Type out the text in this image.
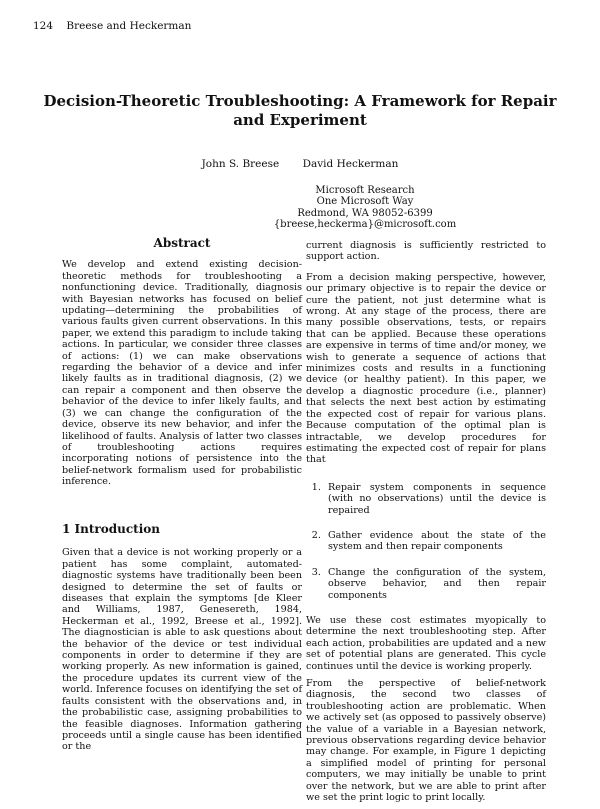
124 Breese and Heckerman
Decision-Theoretic Troubleshooting: A Framework for Repair and Experiment
John S. Breese David Heckerman
Microsoft Research
One Microsoft Way
Redmond, WA 98052-6399
{breese,heckerma}@microsoft.com
Abstract

We develop and extend existing decision-theoretic methods for troubleshooting a nonfunctioning device. Traditionally, diagnosis with Bayesian networks has focused on belief updating—determining the probabilities of various faults given current observations. In this paper, we extend this paradigm to include taking actions. In particular, we consider three classes of actions: (1) we can make observations regarding the behavior of a device and infer likely faults as in traditional diagnosis, (2) we can repair a component and then observe the behavior of the device to infer likely faults, and (3) we can change the configuration of the device, observe its new behavior, and infer the likelihood of faults. Analysis of latter two classes of troubleshooting actions requires incorporating notions of persistence into the belief-network formalism used for probabilistic inference.

1 Introduction

Given that a device is not working properly or a patient has some complaint, automated-diagnostic systems have traditionally been been designed to determine the set of faults or diseases that explain the symptoms [de Kleer and Williams, 1987, Genesereth, 1984, Heckerman et al., 1992, Breese et al., 1992]. The diagnostician is able to ask questions about the behavior of the device or test individual components in order to determine if they are working properly. As new information is gained, the procedure updates its current view of the world. Inference focuses on identifying the set of faults consistent with the observations and, in the probabilistic case, assigning probabilities to the feasible diagnoses. Information gathering proceeds until a single cause has been identified or the

current diagnosis is sufficiently restricted to support action.

From a decision making perspective, however, our primary objective is to repair the device or cure the patient, not just determine what is wrong. At any stage of the process, there are many possible observations, tests, or repairs that can be applied. Because these operations are expensive in terms of time and/or money, we wish to generate a sequence of actions that minimizes costs and results in a functioning device (or healthy patient). In this paper, we develop a diagnostic procedure (i.e., planner) that selects the next best action by estimating the expected cost of repair for various plans. Because computation of the optimal plan is intractable, we develop procedures for estimating the expected cost of repair for plans that

1. Repair system components in sequence (with no observations) until the device is repaired
2. Gather evidence about the state of the system and then repair components
3. Change the configuration of the system, observe behavior, and then repair components

We use these cost estimates myopically to determine the next troubleshooting step. After each action, probabilities are updated and a new set of potential plans are generated. This cycle continues until the device is working properly.

From the perspective of belief-network diagnosis, the second two classes of troubleshooting action are problematic. When we actively set (as opposed to passively observe) the value of a variable in a Bayesian network, previous observations regarding device behavior may change. For example, in Figure 1 depicting a simplified model of printing for personal computers, we may initially be unable to print over the network, but we are able to print after we set the print logic to print locally.
